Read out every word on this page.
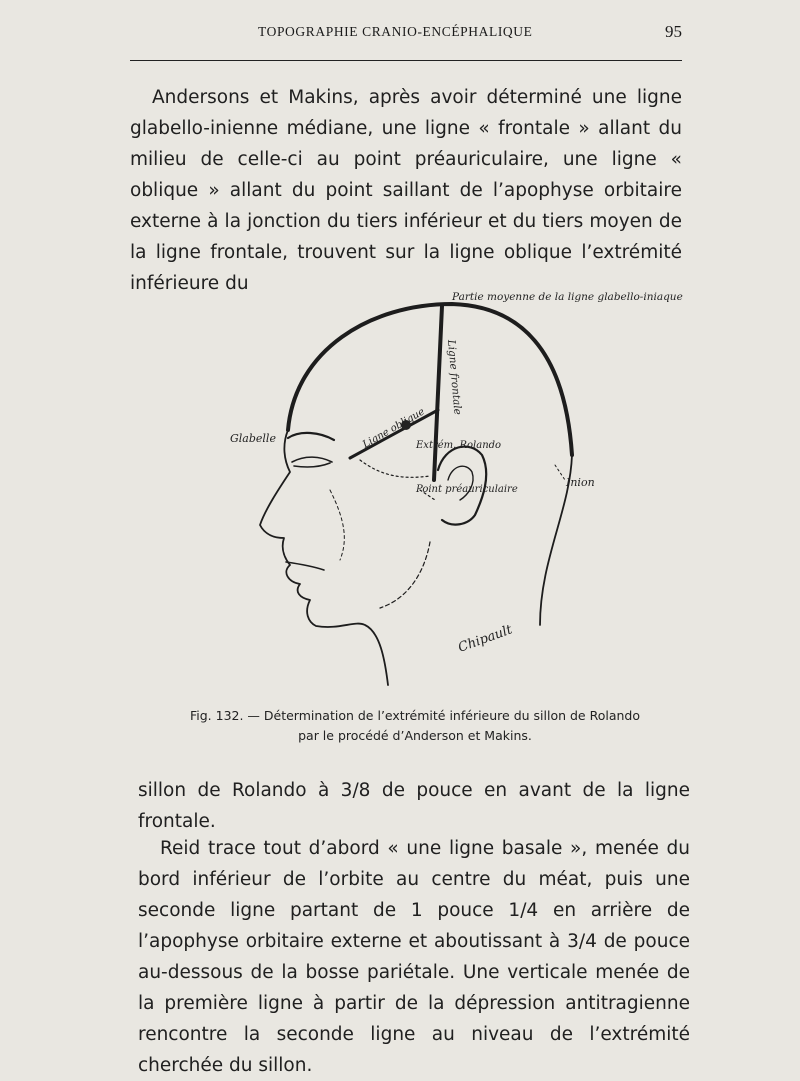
TOPOGRAPHIE CRANIO-ENCÉPHALIQUE	95

Andersons et Makins, après avoir déterminé une ligne glabello-inienne médiane, une ligne « frontale » allant du milieu de celle-ci au point préauriculaire, une ligne « oblique » allant du point saillant de l’apophyse orbitaire externe à la jonction du tiers inférieur et du tiers moyen de la ligne frontale, trouvent sur la ligne oblique l’extrémité inférieure du

Partie moyenne de la ligne glabello-iniaque
Ligne frontale
Glabelle	Ligne oblique
Extrém. Rolando
Point préauriculaire
Inion
Chipault
Fig. 132. — Détermination de l’extrémité inférieure du sillon de Rolando
par le procédé d’Anderson et Makins.

sillon de Rolando à 3/8 de pouce en avant de la ligne frontale.

Reid trace tout d’abord « une ligne basale », menée du bord inférieur de l’orbite au centre du méat, puis une seconde ligne partant de 1 pouce 1/4 en arrière de l’apophyse orbitaire externe et aboutissant à 3/4 de pouce au-dessous de la bosse pariétale. Une verticale menée de la première ligne à partir de la dépression antitragienne rencontre la seconde ligne au niveau de l’extrémité cherchée du sillon.
